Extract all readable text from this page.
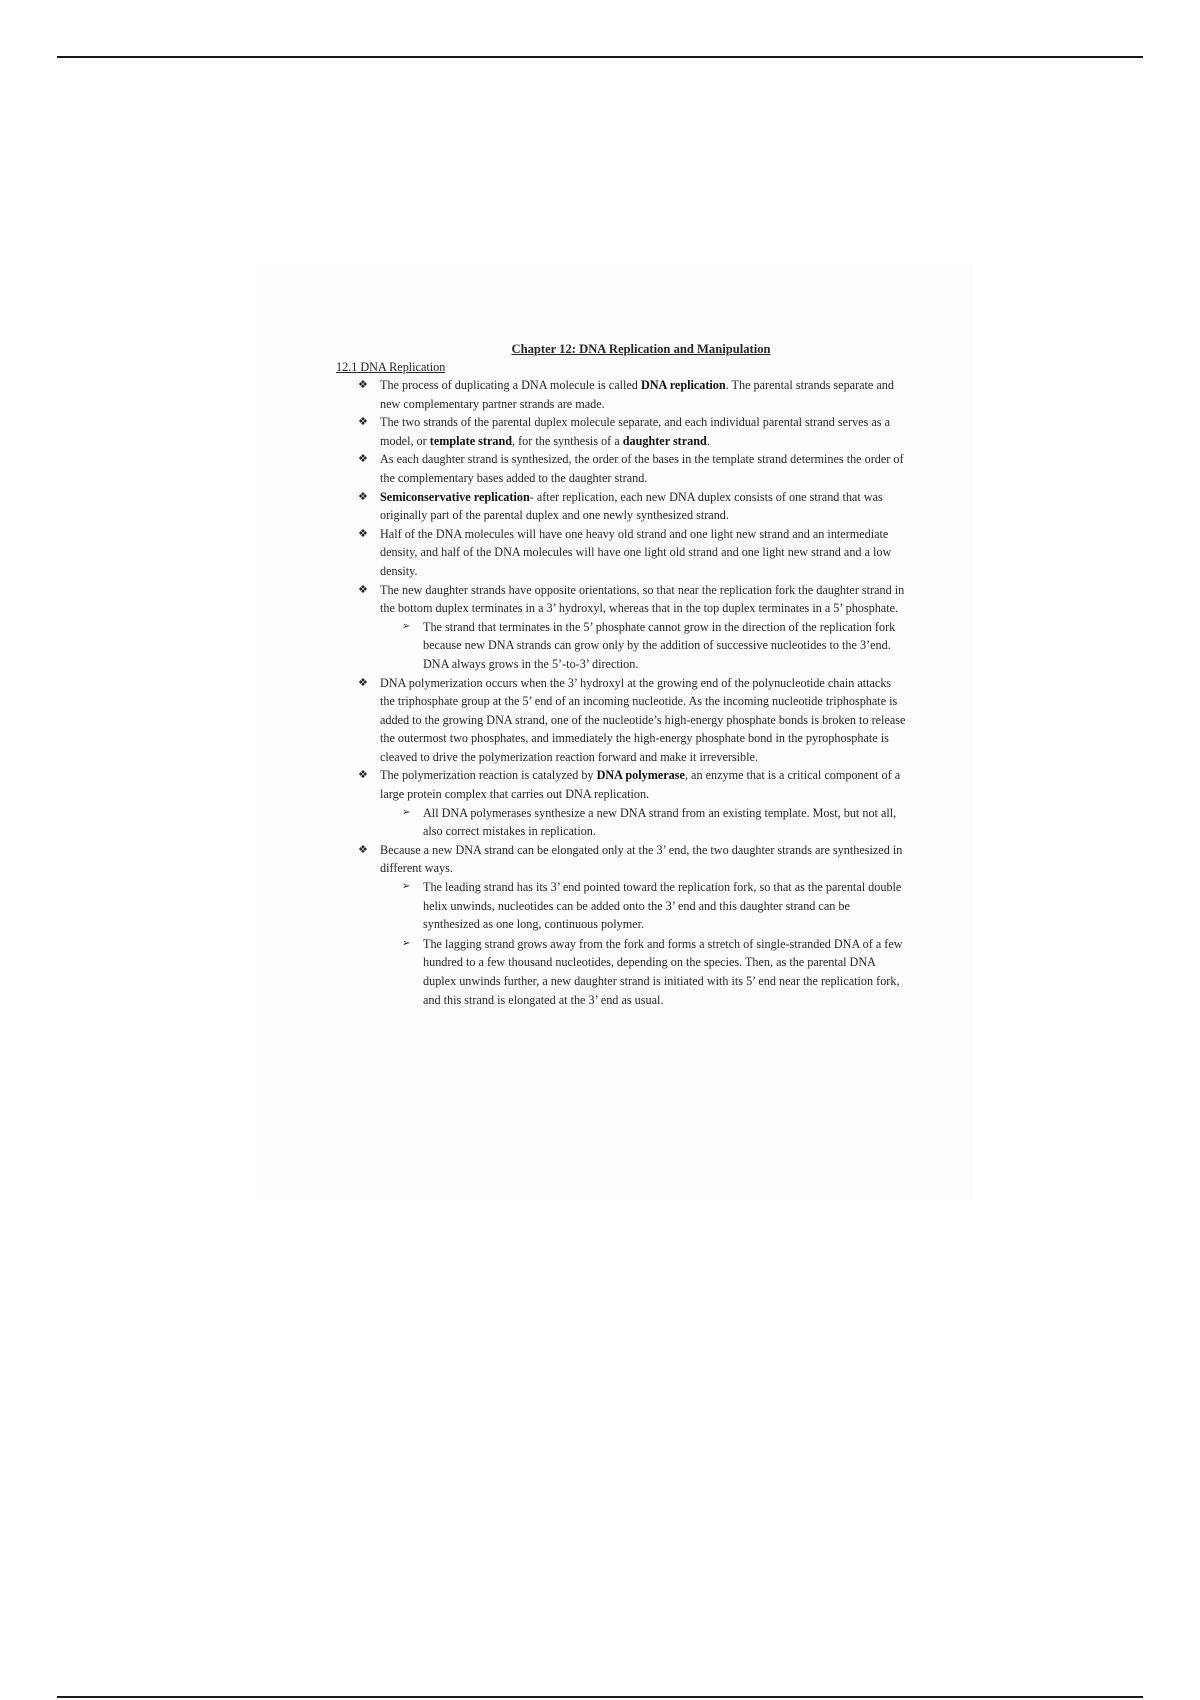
Chapter 12: DNA Replication and Manipulation

12.1 DNA Replication

❖ The process of duplicating a DNA molecule is called DNA replication. The parental strands separate and new complementary partner strands are made.
❖ The two strands of the parental duplex molecule separate, and each individual parental strand serves as a model, or template strand, for the synthesis of a daughter strand.
❖ As each daughter strand is synthesized, the order of the bases in the template strand determines the order of the complementary bases added to the daughter strand.
❖ Semiconservative replication- after replication, each new DNA duplex consists of one strand that was originally part of the parental duplex and one newly synthesized strand.
❖ Half of the DNA molecules will have one heavy old strand and one light new strand and an intermediate density, and half of the DNA molecules will have one light old strand and one light new strand and a low density.
❖ The new daughter strands have opposite orientations, so that near the replication fork the daughter strand in the bottom duplex terminates in a 3’ hydroxyl, whereas that in the top duplex terminates in a 5’ phosphate.
➢ The strand that terminates in the 5’ phosphate cannot grow in the direction of the replication fork because new DNA strands can grow only by the addition of successive nucleotides to the 3’end. DNA always grows in the 5’-to-3’ direction.
❖ DNA polymerization occurs when the 3’ hydroxyl at the growing end of the polynucleotide chain attacks the triphosphate group at the 5’ end of an incoming nucleotide. As the incoming nucleotide triphosphate is added to the growing DNA strand, one of the nucleotide’s high-energy phosphate bonds is broken to release the outermost two phosphates, and immediately the high-energy phosphate bond in the pyrophosphate is cleaved to drive the polymerization reaction forward and make it irreversible.
❖ The polymerization reaction is catalyzed by DNA polymerase, an enzyme that is a critical component of a large protein complex that carries out DNA replication.
➢ All DNA polymerases synthesize a new DNA strand from an existing template. Most, but not all, also correct mistakes in replication.
❖ Because a new DNA strand can be elongated only at the 3’ end, the two daughter strands are synthesized in different ways.
➢ The leading strand has its 3’ end pointed toward the replication fork, so that as the parental double helix unwinds, nucleotides can be added onto the 3’ end and this daughter strand can be synthesized as one long, continuous polymer.
➢ The lagging strand grows away from the fork and forms a stretch of single-stranded DNA of a few hundred to a few thousand nucleotides, depending on the species. Then, as the parental DNA duplex unwinds further, a new daughter strand is initiated with its 5’ end near the replication fork, and this strand is elongated at the 3’ end as usual.
